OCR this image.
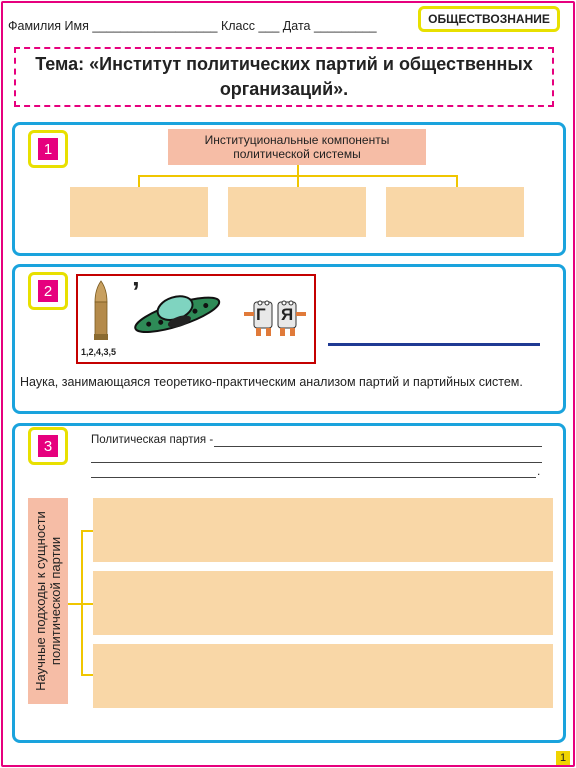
Фамилия Имя __________________ Класс ___ Дата _________	ОБЩЕСТВОЗНАНИЕ
Тема: «Институт политических партий и общественных организаций».
1
Институциональные компоненты политической системы
2
1,2,4,3,5
’
Г Я
Наука, занимающаяся теоретико-практическим анализом партий и партийных систем.
3	Политическая партия -
.
Научные подходы к сущности политической партии
1
